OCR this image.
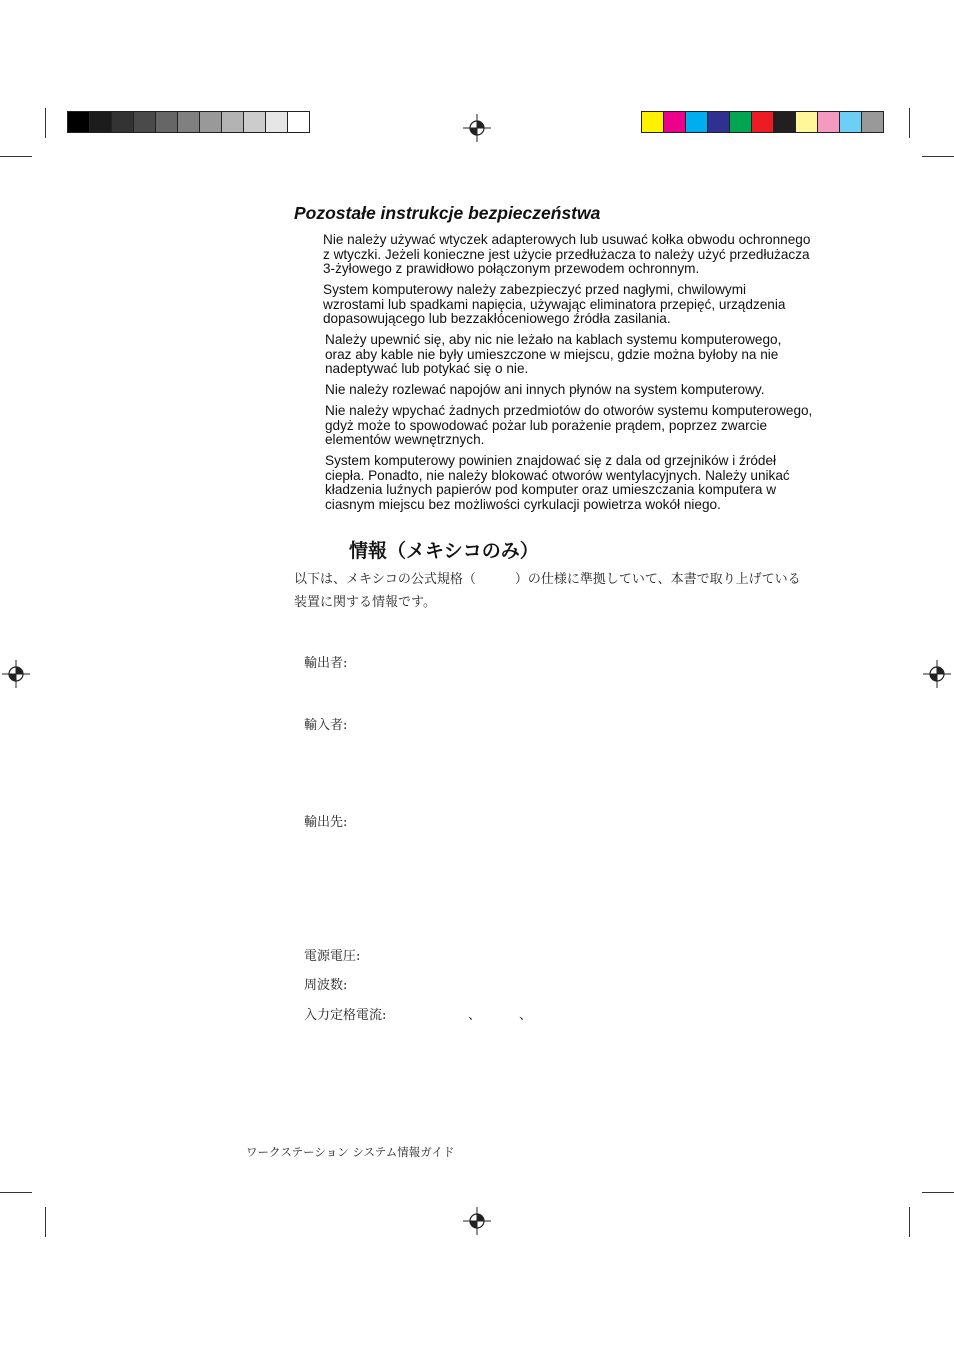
Pozostałe instrukcje bezpieczeństwa
Nie należy używać wtyczek adapterowych lub usuwać kołka obwodu ochronnego
z wtyczki. Jeżeli konieczne jest użycie przedłużacza to należy użyć przedłużacza
3-żyłowego z prawidłowo połączonym przewodem ochronnym.
System komputerowy należy zabezpieczyć przed nagłymi, chwilowymi
wzrostami lub spadkami napięcia, używając eliminatora przepięć, urządzenia
dopasowującego lub bezzakłóceniowego źródła zasilania.
Należy upewnić się, aby nic nie leżało na kablach systemu komputerowego,
oraz aby kable nie były umieszczone w miejscu, gdzie można byłoby na nie
nadeptywać lub potykać się o nie.
Nie należy rozlewać napojów ani innych płynów na system komputerowy.
Nie należy wpychać żadnych przedmiotów do otworów systemu komputerowego,
gdyż może to spowodować pożar lub porażenie prądem, poprzez zwarcie
elementów wewnętrznych.
System komputerowy powinien znajdować się z dala od grzejników i źródeł
ciepła. Ponadto, nie należy blokować otworów wentylacyjnych. Należy unikać
kładzenia luźnych papierów pod komputer oraz umieszczania komputera w
ciasnym miejscu bez możliwości cyrkulacji powietrza wokół niego.
情報（メキシコのみ）
以下は、メキシコの公式規格（　　　）の仕様に準拠していて、本書で取り上げている
装置に関する情報です。
輸出者:
輸入者:
輸出先:
電源電圧:
周波数:
入力定格電流:	、	、
ワークステーション システム情報ガイド
